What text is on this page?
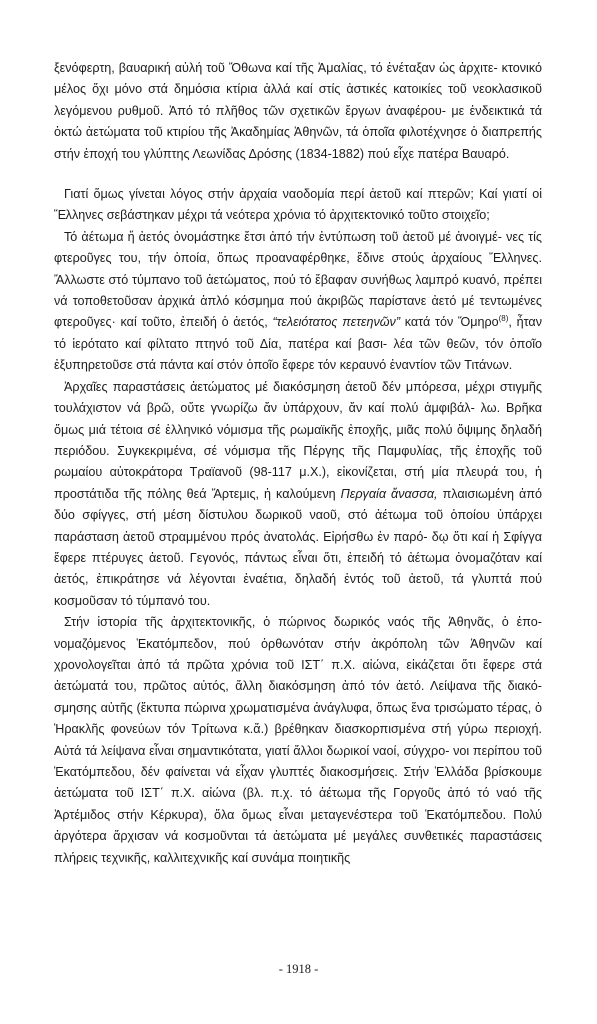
ξενόφερτη, βαυαρική αὐλή τοῦ Ὄθωνα καί τῆς Ἀμαλίας, τό ἐνέταξαν ὡς ἀρχιτε- κτονικό μέλος ὄχι μόνο στά δημόσια κτίρια ἀλλά καί στίς ἀστικές κατοικίες τοῦ νεοκλασικοῦ λεγόμενου ρυθμοῦ. Ἀπό τό πλῆθος τῶν σχετικῶν ἔργων ἀναφέρου- με ἐνδεικτικά τά ὀκτώ ἀετώματα τοῦ κτιρίου τῆς Ἀκαδημίας Ἀθηνῶν, τά ὁποῖα φιλοτέχνησε ὁ διαπρεπής στήν ἐποχή του γλύπτης Λεωνίδας Δρόσης (1834-1882) πού εἶχε πατέρα Βαυαρό.

Γιατί ὅμως γίνεται λόγος στήν ἀρχαία ναοδομία περί ἀετοῦ καί πτερῶν; Καί γιατί οἱ Ἕλληνες σεβάστηκαν μέχρι τά νεότερα χρόνια τό ἀρχιτεκτονικό τοῦτο στοιχεῖο;

Τό ἀέτωμα ἤ ἀετός ὀνομάστηκε ἔτσι ἀπό τήν ἐντύπωση τοῦ ἀετοῦ μέ ἀνοιγμέ- νες τίς φτεροῦγες του, τήν ὁποία, ὅπως προαναφέρθηκε, ἔδινε στούς ἀρχαίους Ἕλληνες. Ἄλλωστε στό τύμπανο τοῦ ἀετώματος, πού τό ἔβαφαν συνήθως λαμπρό κυανό, πρέπει νά τοποθετοῦσαν ἀρχικά ἁπλό κόσμημα πού ἀκριβῶς παρίστανε ἀετό μέ τεντωμένες φτεροῦγες· καί τοῦτο, ἐπειδή ὁ ἀετός, “τελειότατος πετεηνῶν” κατά τόν Ὅμηρο$^{(8)}$, ἦταν τό ἱερότατο καί φίλτατο πτηνό τοῦ Δία, πατέρα καί βασι- λέα τῶν θεῶν, τόν ὁποῖο ἐξυπηρετοῦσε στά πάντα καί στόν ὁποῖο ἔφερε τόν κεραυνό ἐναντίον τῶν Τιτάνων.

Ἀρχαῖες παραστάσεις ἀετώματος μέ διακόσμηση ἀετοῦ δέν μπόρεσα, μέχρι στιγμῆς τουλάχιστον νά βρῶ, οὔτε γνωρίζω ἄν ὑπάρχουν, ἄν καί πολύ ἀμφιβάλ- λω. Βρῆκα ὅμως μιά τέτοια σέ ἑλληνικό νόμισμα τῆς ρωμαϊκῆς ἐποχῆς, μιᾶς πολύ ὄψιμης δηλαδή περιόδου. Συγκεκριμένα, σέ νόμισμα τῆς Πέργης τῆς Παμφυλίας, τῆς ἐποχῆς τοῦ ρωμαίου αὐτοκράτορα Τραϊανοῦ (98-117 μ.Χ.), εἰκονίζεται, στή μία πλευρά του, ἡ προστάτιδα τῆς πόλης θεά Ἄρτεμις, ἡ καλούμενη Περγαία ἄνασσα, πλαισιωμένη ἀπό δύο σφίγγες, στή μέση δίστυλου δωρικοῦ ναοῦ, στό ἀέτωμα τοῦ ὁποίου ὑπάρχει παράσταση ἀετοῦ στραμμένου πρός ἀνατολάς. Εἰρήσθω ἐν παρό- δῳ ὅτι καί ἡ Σφίγγα ἔφερε πτέρυγες ἀετοῦ. Γεγονός, πάντως εἶναι ὅτι, ἐπειδή τό ἀέτωμα ὀνομαζόταν καί ἀετός, ἐπικράτησε νά λέγονται ἐναέτια, δηλαδή ἐντός τοῦ ἀετοῦ, τά γλυπτά πού κοσμοῦσαν τό τύμπανό του.

Στήν ἱστορία τῆς ἀρχιτεκτονικῆς, ὁ πώρινος δωρικός ναός τῆς Ἀθηνᾶς, ὁ ἐπο- νομαζόμενος Ἑκατόμπεδον, πού ὀρθωνόταν στήν ἀκρόπολη τῶν Ἀθηνῶν καί χρονολογεῖται ἀπό τά πρῶτα χρόνια τοῦ ΙΣΤ΄ π.Χ. αἰώνα, εἰκάζεται ὅτι ἔφερε στά ἀετώματά του, πρῶτος αὐτός, ἄλλη διακόσμηση ἀπό τόν ἀετό. Λείψανα τῆς διακό- σμησης αὐτῆς (ἔκτυπα πώρινα χρωματισμένα ἀνάγλυφα, ὅπως ἕνα τρισώματο τέρας, ὁ Ἡρακλῆς φονεύων τόν Τρίτωνα κ.ἄ.) βρέθηκαν διασκορπισμένα στή γύρω περιοχή. Αὐτά τά λείψανα εἶναι σημαντικότατα, γιατί ἄλλοι δωρικοί ναοί, σύγχρο- νοι περίπου τοῦ Ἑκατόμπεδου, δέν φαίνεται νά εἶχαν γλυπτές διακοσμήσεις. Στήν Ἑλλάδα βρίσκουμε ἀετώματα τοῦ ΙΣΤ΄ π.Χ. αἰώνα (βλ. π.χ. τό ἀέτωμα τῆς Γοργοῦς ἀπό τό ναό τῆς Ἀρτέμιδος στήν Κέρκυρα), ὅλα ὅμως εἶναι μεταγενέστερα τοῦ Ἑκατόμπεδου. Πολύ ἀργότερα ἄρχισαν νά κοσμοῦνται τά ἀετώματα μέ μεγάλες συνθετικές παραστάσεις πλήρεις τεχνικῆς, καλλιτεχνικῆς καί συνάμα ποιητικῆς

- 1918 -
